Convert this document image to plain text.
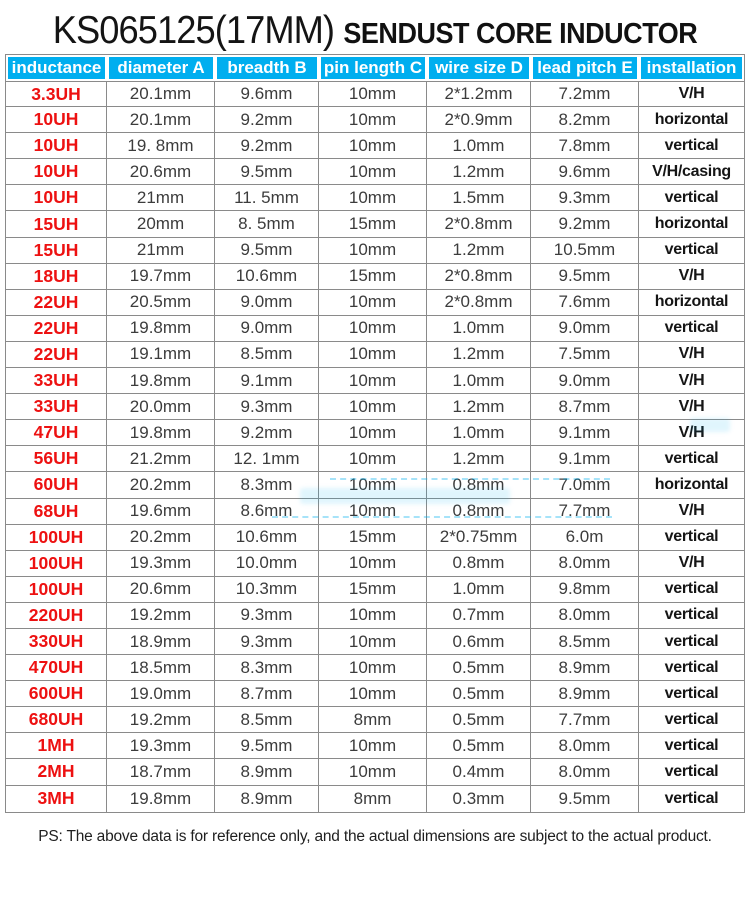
KS065125(17MM) SENDUST CORE INDUCTOR
inductance	diameter A	breadth B	pin length C	wire size D	lead pitch E	installation
3.3UH	20.1mm	9.6mm	10mm	2*1.2mm	7.2mm	V/H
10UH	20.1mm	9.2mm	10mm	2*0.9mm	8.2mm	horizontal
10UH	19. 8mm	9.2mm	10mm	1.0mm	7.8mm	vertical
10UH	20.6mm	9.5mm	10mm	1.2mm	9.6mm	V/H/casing
10UH	21mm	11. 5mm	10mm	1.5mm	9.3mm	vertical
15UH	20mm	8. 5mm	15mm	2*0.8mm	9.2mm	horizontal
15UH	21mm	9.5mm	10mm	1.2mm	10.5mm	vertical
18UH	19.7mm	10.6mm	15mm	2*0.8mm	9.5mm	V/H
22UH	20.5mm	9.0mm	10mm	2*0.8mm	7.6mm	horizontal
22UH	19.8mm	9.0mm	10mm	1.0mm	9.0mm	vertical
22UH	19.1mm	8.5mm	10mm	1.2mm	7.5mm	V/H
33UH	19.8mm	9.1mm	10mm	1.0mm	9.0mm	V/H
33UH	20.0mm	9.3mm	10mm	1.2mm	8.7mm	V/H
47UH	19.8mm	9.2mm	10mm	1.0mm	9.1mm	V/H
56UH	21.2mm	12. 1mm	10mm	1.2mm	9.1mm	vertical
60UH	20.2mm	8.3mm	10mm	0.8mm	7.0mm	horizontal
68UH	19.6mm	8.6mm	10mm	0.8mm	7.7mm	V/H
100UH	20.2mm	10.6mm	15mm	2*0.75mm	6.0m	vertical
100UH	19.3mm	10.0mm	10mm	0.8mm	8.0mm	V/H
100UH	20.6mm	10.3mm	15mm	1.0mm	9.8mm	vertical
220UH	19.2mm	9.3mm	10mm	0.7mm	8.0mm	vertical
330UH	18.9mm	9.3mm	10mm	0.6mm	8.5mm	vertical
470UH	18.5mm	8.3mm	10mm	0.5mm	8.9mm	vertical
600UH	19.0mm	8.7mm	10mm	0.5mm	8.9mm	vertical
680UH	19.2mm	8.5mm	8mm	0.5mm	7.7mm	vertical
1MH	19.3mm	9.5mm	10mm	0.5mm	8.0mm	vertical
2MH	18.7mm	8.9mm	10mm	0.4mm	8.0mm	vertical
3MH	19.8mm	8.9mm	8mm	0.3mm	9.5mm	vertical
PS: The above data is for reference only, and the actual dimensions are subject to the actual product.
